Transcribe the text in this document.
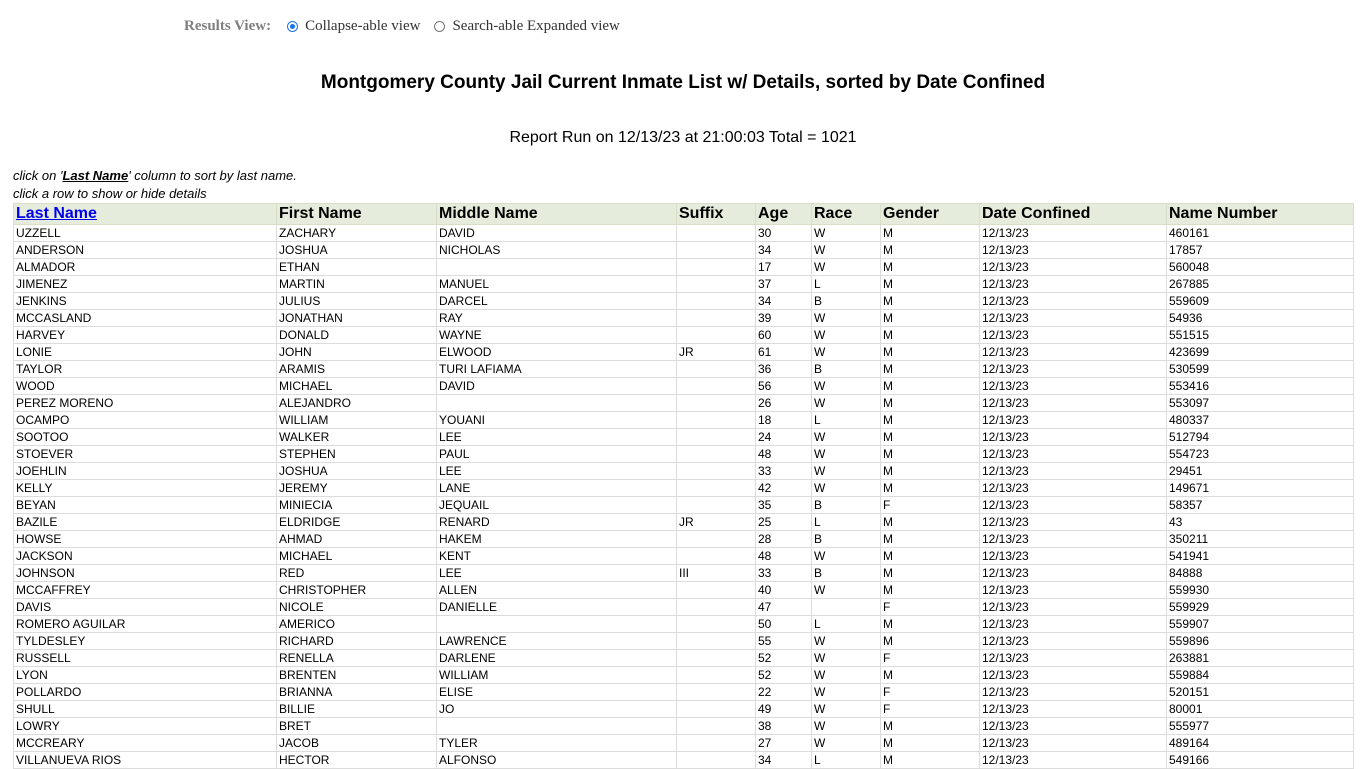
Results View: Collapse-able view Search-able Expanded view
Montgomery County Jail Current Inmate List w/ Details, sorted by Date Confined
Report Run on 12/13/23 at 21:00:03 Total = 1021
click on 'Last Name' column to sort by last name.
click a row to show or hide details
Last Name	First Name	Middle Name	Suffix	Age	Race	Gender	Date Confined	Name Number
UZZELL	ZACHARY	DAVID		30	W	M	12/13/23	460161
ANDERSON	JOSHUA	NICHOLAS		34	W	M	12/13/23	17857
ALMADOR	ETHAN			17	W	M	12/13/23	560048
JIMENEZ	MARTIN	MANUEL		37	L	M	12/13/23	267885
JENKINS	JULIUS	DARCEL		34	B	M	12/13/23	559609
MCCASLAND	JONATHAN	RAY		39	W	M	12/13/23	54936
HARVEY	DONALD	WAYNE		60	W	M	12/13/23	551515
LONIE	JOHN	ELWOOD	JR	61	W	M	12/13/23	423699
TAYLOR	ARAMIS	TURI LAFIAMA		36	B	M	12/13/23	530599
WOOD	MICHAEL	DAVID		56	W	M	12/13/23	553416
PEREZ MORENO	ALEJANDRO			26	W	M	12/13/23	553097
OCAMPO	WILLIAM	YOUANI		18	L	M	12/13/23	480337
SOOTOO	WALKER	LEE		24	W	M	12/13/23	512794
STOEVER	STEPHEN	PAUL		48	W	M	12/13/23	554723
JOEHLIN	JOSHUA	LEE		33	W	M	12/13/23	29451
KELLY	JEREMY	LANE		42	W	M	12/13/23	149671
BEYAN	MINIECIA	JEQUAIL		35	B	F	12/13/23	58357
BAZILE	ELDRIDGE	RENARD	JR	25	L	M	12/13/23	43
HOWSE	AHMAD	HAKEM		28	B	M	12/13/23	350211
JACKSON	MICHAEL	KENT		48	W	M	12/13/23	541941
JOHNSON	RED	LEE	III	33	B	M	12/13/23	84888
MCCAFFREY	CHRISTOPHER	ALLEN		40	W	M	12/13/23	559930
DAVIS	NICOLE	DANIELLE		47		F	12/13/23	559929
ROMERO AGUILAR	AMERICO			50	L	M	12/13/23	559907
TYLDESLEY	RICHARD	LAWRENCE		55	W	M	12/13/23	559896
RUSSELL	RENELLA	DARLENE		52	W	F	12/13/23	263881
LYON	BRENTEN	WILLIAM		52	W	M	12/13/23	559884
POLLARDO	BRIANNA	ELISE		22	W	F	12/13/23	520151
SHULL	BILLIE	JO		49	W	F	12/13/23	80001
LOWRY	BRET			38	W	M	12/13/23	555977
MCCREARY	JACOB	TYLER		27	W	M	12/13/23	489164
VILLANUEVA RIOS	HECTOR	ALFONSO		34	L	M	12/13/23	549166
